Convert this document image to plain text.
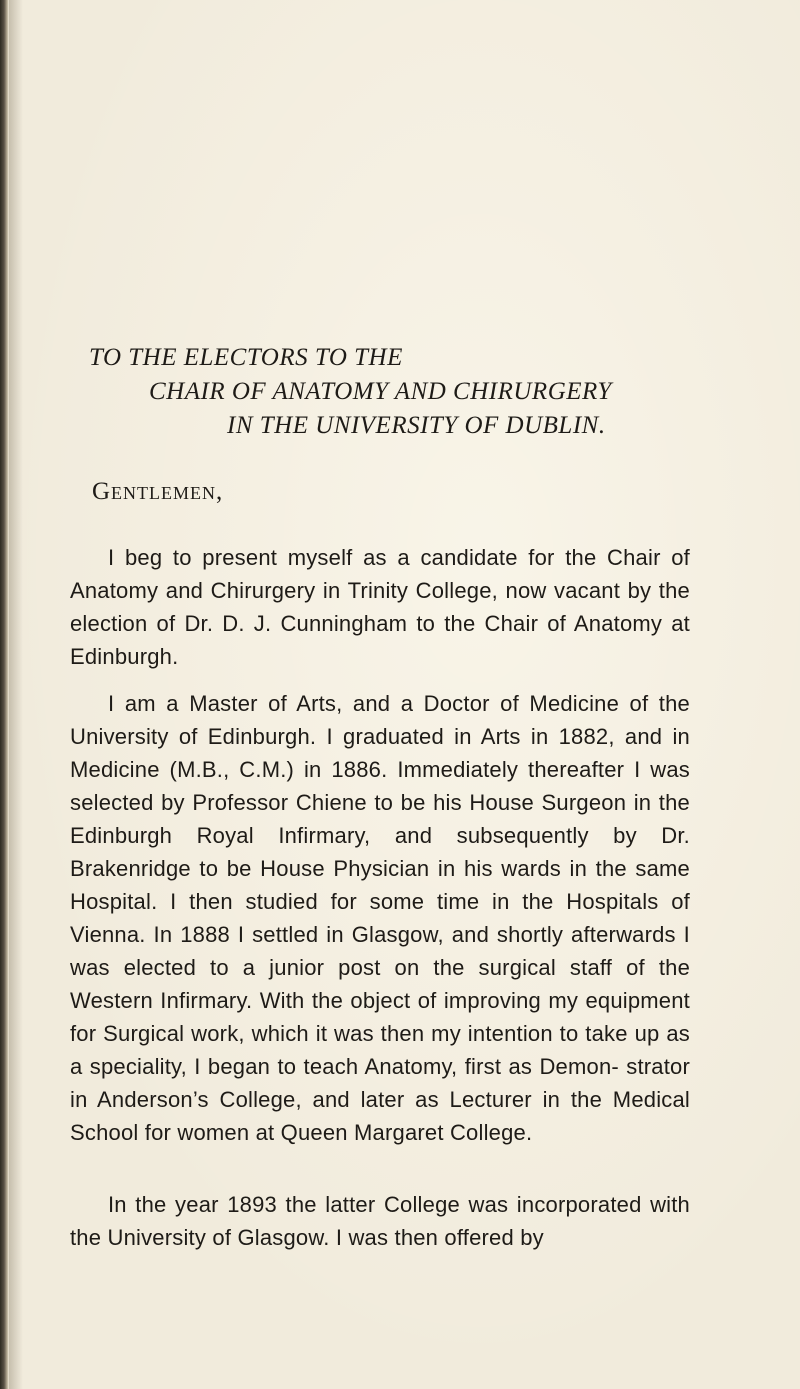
TO THE ELECTORS TO THE
CHAIR OF ANATOMY AND CHIRURGERY
IN THE UNIVERSITY OF DUBLIN.
Gentlemen,

I beg to present myself as a candidate for the Chair of Anatomy and Chirurgery in Trinity College, now vacant by the election of Dr. D. J. Cunningham to the Chair of Anatomy at Edinburgh.

I am a Master of Arts, and a Doctor of Medicine of the University of Edinburgh. I graduated in Arts in 1882, and in Medicine (M.B., C.M.) in 1886. Immediately thereafter I was selected by Professor Chiene to be his House Surgeon in the Edinburgh Royal Infirmary, and subsequently by Dr. Brakenridge to be House Physician in his wards in the same Hospital. I then studied for some time in the Hospitals of Vienna. In 1888 I settled in Glasgow, and shortly afterwards I was elected to a junior post on the surgical staff of the Western Infirmary. With the object of improving my equipment for Surgical work, which it was then my intention to take up as a speciality, I began to teach Anatomy, first as Demon- strator in Anderson’s College, and later as Lecturer in the Medical School for women at Queen Margaret College.

In the year 1893 the latter College was incorporated with the University of Glasgow. I was then offered by
